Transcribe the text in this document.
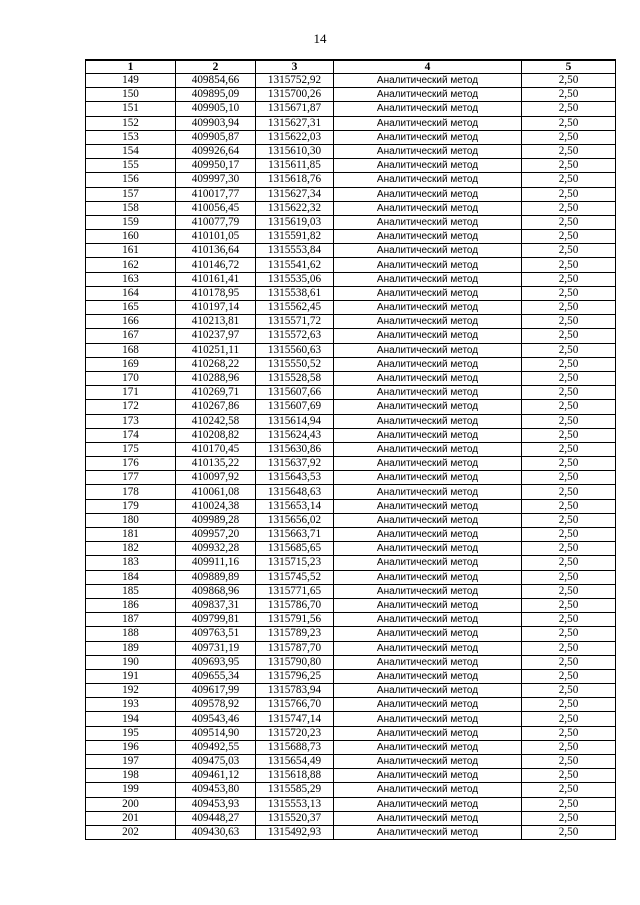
14
1	2	3	4	5
149	409854,66	1315752,92	Аналитический метод	2,50
150	409895,09	1315700,26	Аналитический метод	2,50
151	409905,10	1315671,87	Аналитический метод	2,50
152	409903,94	1315627,31	Аналитический метод	2,50
153	409905,87	1315622,03	Аналитический метод	2,50
154	409926,64	1315610,30	Аналитический метод	2,50
155	409950,17	1315611,85	Аналитический метод	2,50
156	409997,30	1315618,76	Аналитический метод	2,50
157	410017,77	1315627,34	Аналитический метод	2,50
158	410056,45	1315622,32	Аналитический метод	2,50
159	410077,79	1315619,03	Аналитический метод	2,50
160	410101,05	1315591,82	Аналитический метод	2,50
161	410136,64	1315553,84	Аналитический метод	2,50
162	410146,72	1315541,62	Аналитический метод	2,50
163	410161,41	1315535,06	Аналитический метод	2,50
164	410178,95	1315538,61	Аналитический метод	2,50
165	410197,14	1315562,45	Аналитический метод	2,50
166	410213,81	1315571,72	Аналитический метод	2,50
167	410237,97	1315572,63	Аналитический метод	2,50
168	410251,11	1315560,63	Аналитический метод	2,50
169	410268,22	1315550,52	Аналитический метод	2,50
170	410288,96	1315528,58	Аналитический метод	2,50
171	410269,71	1315607,66	Аналитический метод	2,50
172	410267,86	1315607,69	Аналитический метод	2,50
173	410242,58	1315614,94	Аналитический метод	2,50
174	410208,82	1315624,43	Аналитический метод	2,50
175	410170,45	1315630,86	Аналитический метод	2,50
176	410135,22	1315637,92	Аналитический метод	2,50
177	410097,92	1315643,53	Аналитический метод	2,50
178	410061,08	1315648,63	Аналитический метод	2,50
179	410024,38	1315653,14	Аналитический метод	2,50
180	409989,28	1315656,02	Аналитический метод	2,50
181	409957,20	1315663,71	Аналитический метод	2,50
182	409932,28	1315685,65	Аналитический метод	2,50
183	409911,16	1315715,23	Аналитический метод	2,50
184	409889,89	1315745,52	Аналитический метод	2,50
185	409868,96	1315771,65	Аналитический метод	2,50
186	409837,31	1315786,70	Аналитический метод	2,50
187	409799,81	1315791,56	Аналитический метод	2,50
188	409763,51	1315789,23	Аналитический метод	2,50
189	409731,19	1315787,70	Аналитический метод	2,50
190	409693,95	1315790,80	Аналитический метод	2,50
191	409655,34	1315796,25	Аналитический метод	2,50
192	409617,99	1315783,94	Аналитический метод	2,50
193	409578,92	1315766,70	Аналитический метод	2,50
194	409543,46	1315747,14	Аналитический метод	2,50
195	409514,90	1315720,23	Аналитический метод	2,50
196	409492,55	1315688,73	Аналитический метод	2,50
197	409475,03	1315654,49	Аналитический метод	2,50
198	409461,12	1315618,88	Аналитический метод	2,50
199	409453,80	1315585,29	Аналитический метод	2,50
200	409453,93	1315553,13	Аналитический метод	2,50
201	409448,27	1315520,37	Аналитический метод	2,50
202	409430,63	1315492,93	Аналитический метод	2,50
